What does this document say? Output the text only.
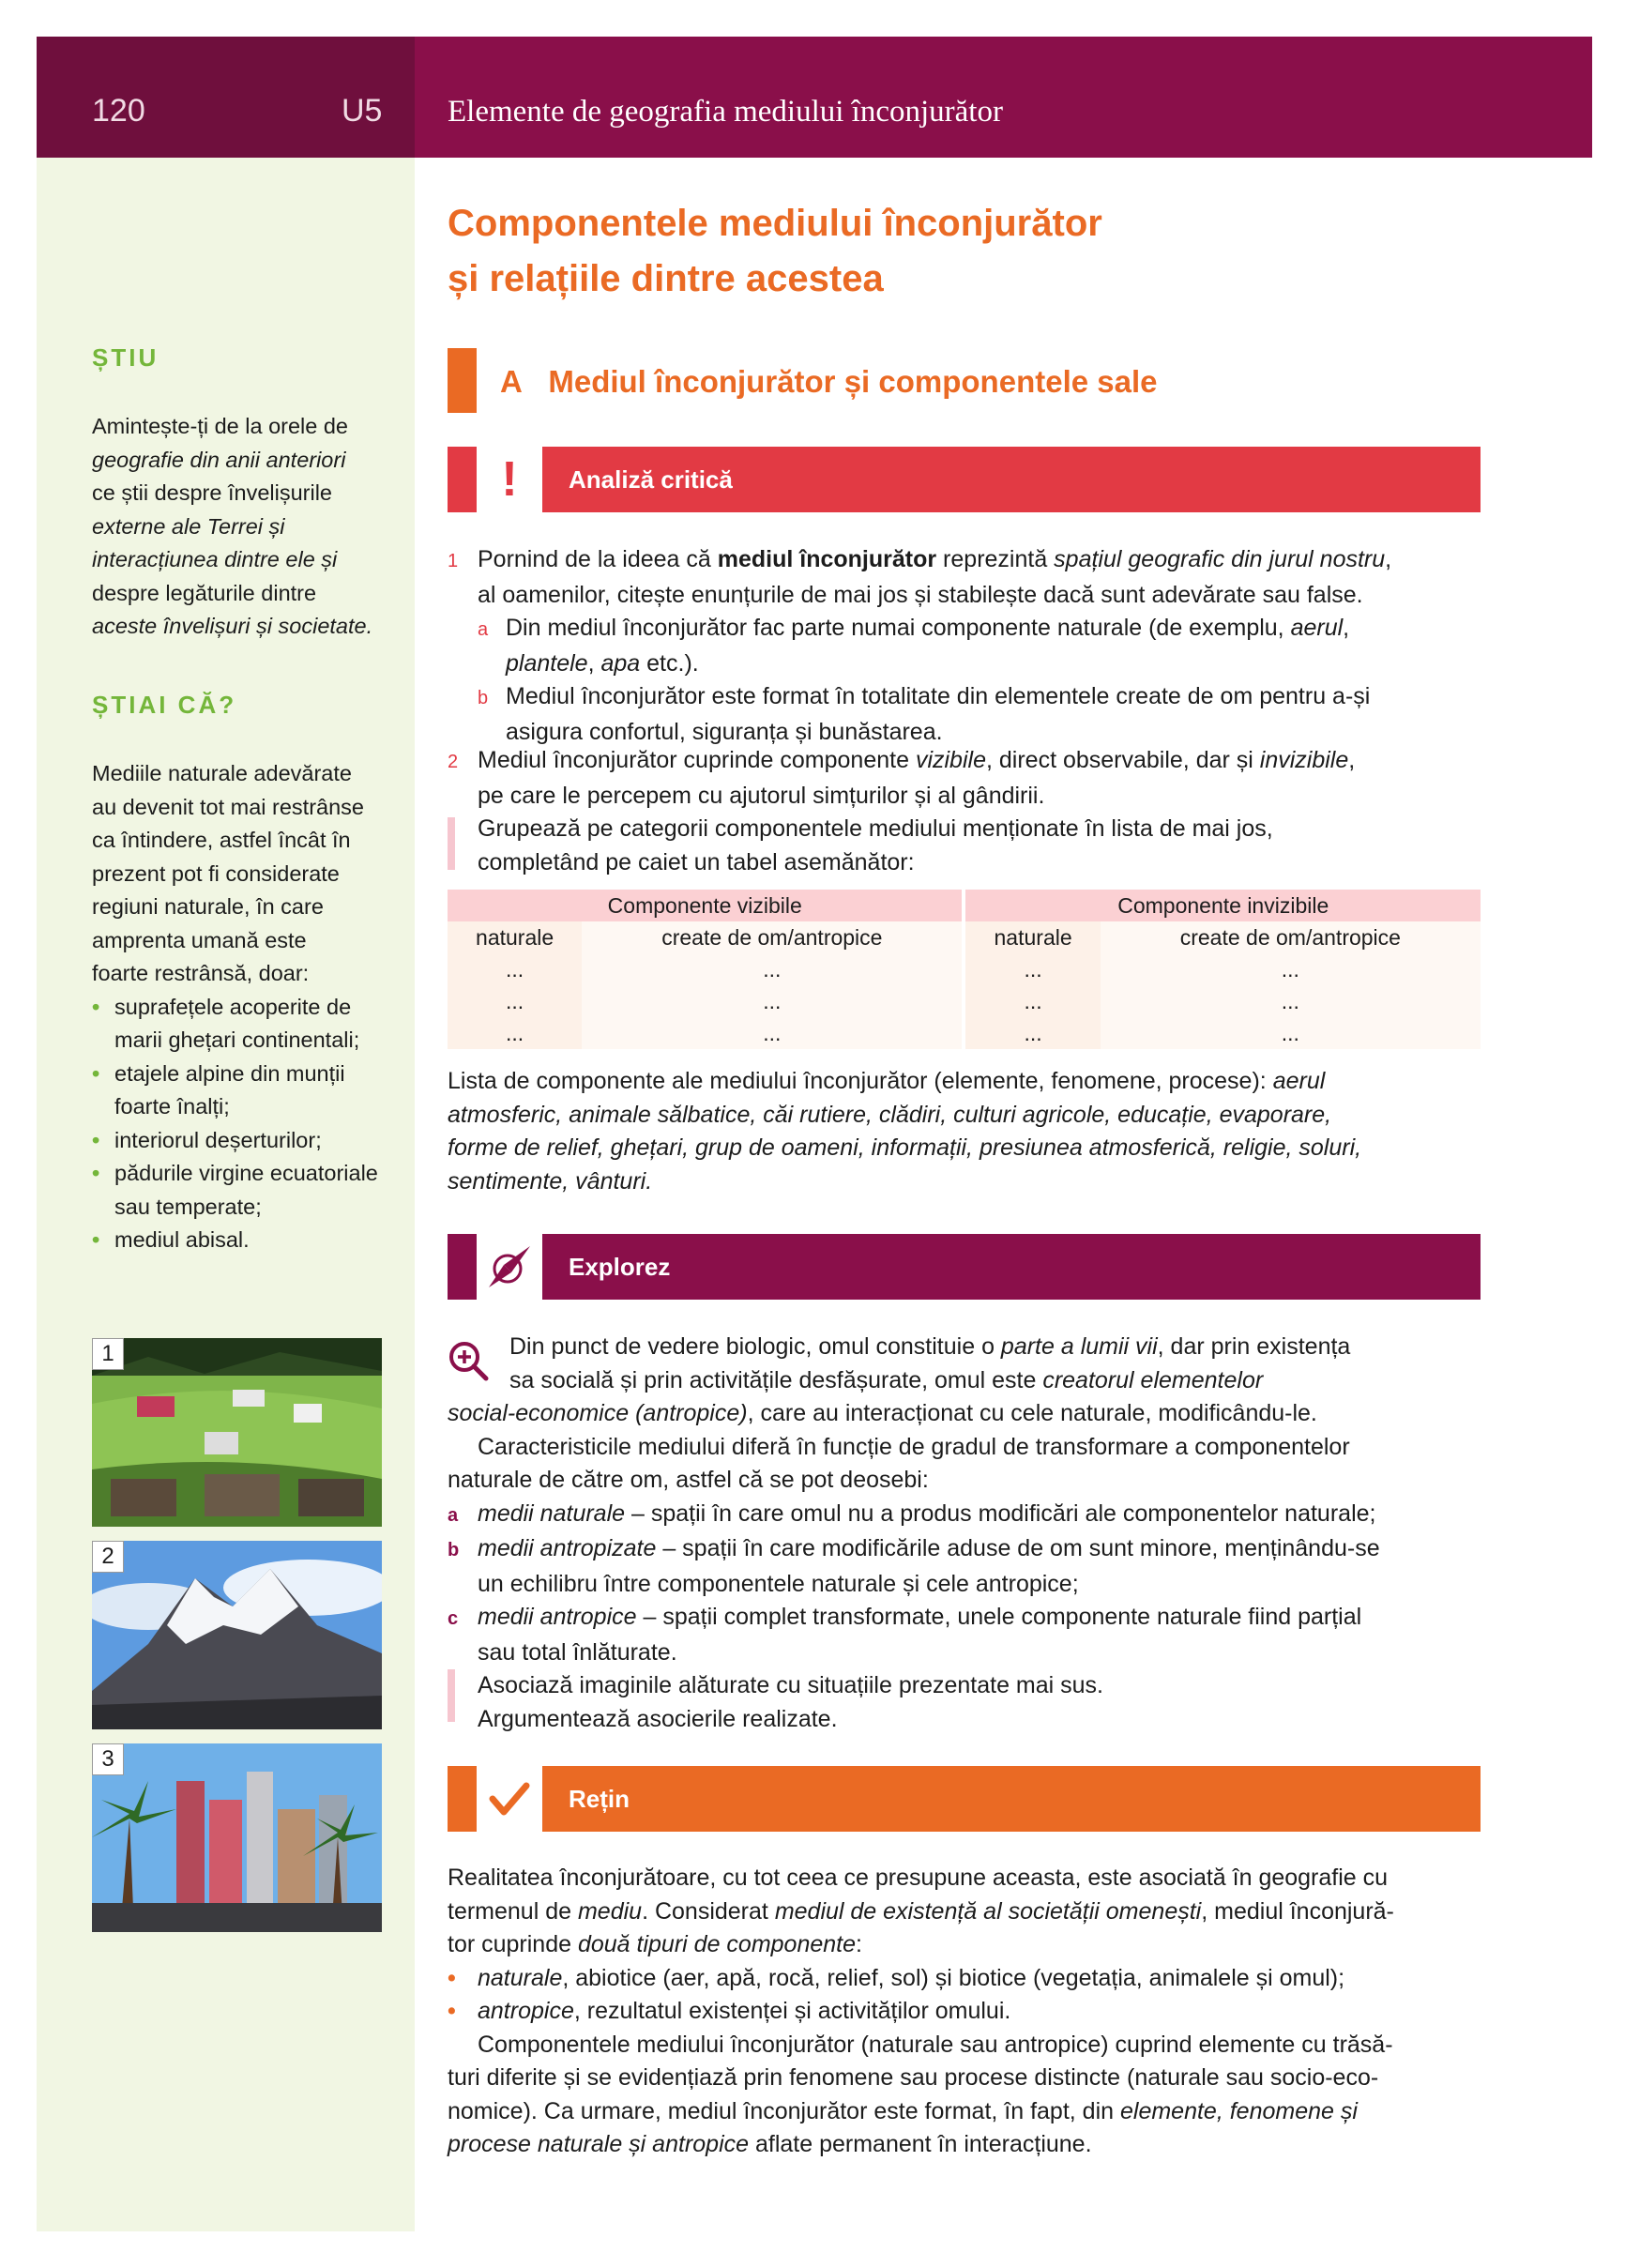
120	U5 Elemente de geografia mediului înconjurător
ȘTIU
Amintește-ți de la orele de
geografie din anii anteriori
ce știi despre învelișurile
externe ale Terrei și
interacțiunea dintre ele și
despre legăturile dintre
aceste învelișuri și societate.
ȘTIAI CĂ?
Mediile naturale adevărate
au devenit tot mai restrânse
ca întindere, astfel încât în
prezent pot fi considerate
regiuni naturale, în care
amprenta umană este
foarte restrânsă, doar:
• suprafețele acoperite de marii ghețari continentali;
• etajele alpine din munții foarte înalți;
• interiorul deșerturilor;
• pădurile virgine ecuatoriale sau temperate;
• mediul abisal.
1
2
3
Componentele mediului înconjurător
și relațiile dintre acestea
A Mediul înconjurător și componentele sale
! Analiză critică
1 Pornind de la ideea că mediul înconjurător reprezintă spațiul geografic din jurul nostru,
al oamenilor, citește enunțurile de mai jos și stabilește dacă sunt adevărate sau false.
a Din mediul înconjurător fac parte numai componente naturale (de exemplu, aerul,
plantele, apa etc.).
b Mediul înconjurător este format în totalitate din elementele create de om pentru a-și
asigura confortul, siguranța și bunăstarea.
2 Mediul înconjurător cuprinde componente vizibile, direct observabile, dar și invizibile,
pe care le percepem cu ajutorul simțurilor și al gândirii.
Grupează pe categorii componentele mediului menționate în lista de mai jos,
completând pe caiet un tabel asemănător:
Componente vizibile			Componente invizibile	
naturale	create de om/antropice		naturale	create de om/antropice
...	...		...	...
...	...		...	...
...	...		...	...
Lista de componente ale mediului înconjurător (elemente, fenomene, procese): aerul
atmosferic, animale sălbatice, căi rutiere, clădiri, culturi agricole, educație, evaporare,
forme de relief, ghețari, grup de oameni, informații, presiunea atmosferică, religie, soluri,
sentimente, vânturi.
Explorez
Din punct de vedere biologic, omul constituie o parte a lumii vii, dar prin existența
sa socială și prin activitățile desfășurate, omul este creatorul elementelor
social-economice (antropice), care au interacționat cu cele naturale, modificându-le.
Caracteristicile mediului diferă în funcție de gradul de transformare a componentelor
naturale de către om, astfel că se pot deosebi:
a medii naturale – spații în care omul nu a produs modificări ale componentelor naturale;
b medii antropizate – spații în care modificările aduse de om sunt minore, menținându-se
un echilibru între componentele naturale și cele antropice;
c medii antropice – spații complet transformate, unele componente naturale fiind parțial
sau total înlăturate.
Asociază imaginile alăturate cu situațiile prezentate mai sus.
Argumentează asocierile realizate.
Rețin
Realitatea înconjurătoare, cu tot ceea ce presupune aceasta, este asociată în geografie cu
termenul de mediu. Considerat mediul de existență al societății omenești, mediul înconjură-
tor cuprinde două tipuri de componente:
• naturale, abiotice (aer, apă, rocă, relief, sol) și biotice (vegetația, animalele și omul);
• antropice, rezultatul existenței și activităților omului.
Componentele mediului înconjurător (naturale sau antropice) cuprind elemente cu trăsă-
turi diferite și se evidențiază prin fenomene sau procese distincte (naturale sau socio-eco-
nomice). Ca urmare, mediul înconjurător este format, în fapt, din elemente, fenomene și
procese naturale și antropice aflate permanent în interacțiune.
